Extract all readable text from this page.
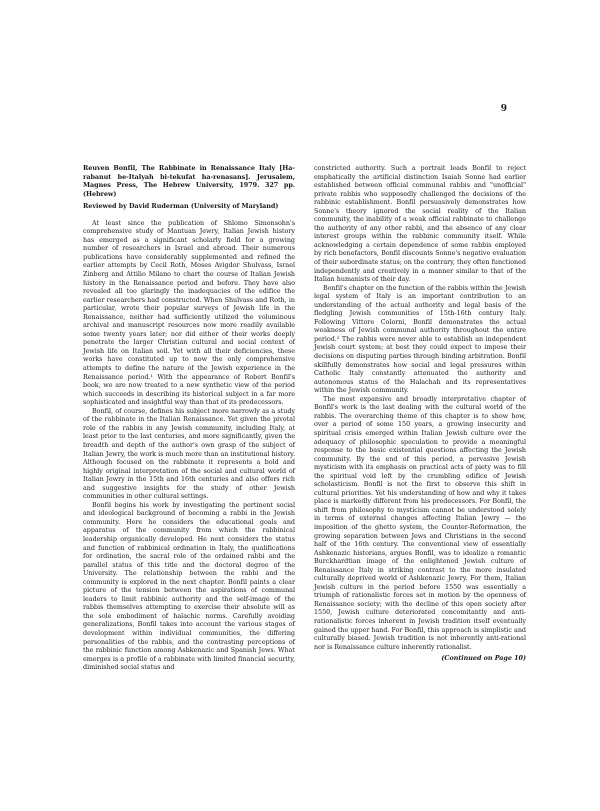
9
Reuven Bonfil, The Rabbinate in Renaissance Italy [Ha-rabanut be-Italyah bi-tekufat ha-renasans]. Jerusalem, Magnes Press, The Hebrew University, 1979. 327 pp. (Hebrew)
Reviewed by David Ruderman (University of Maryland)

At least since the publication of Shlomo Simonsohn's comprehensive study of Mantuan Jewry, Italian Jewish history has emerged as a significant scholarly field for a growing number of researchers in Israel and abroad. Their numerous publications have considerably supplemented and refined the earlier attempts by Cecil Roth, Moses Avigdor Shulvass, Israel Zinberg and Attilio Milano to chart the course of Italian Jewish history in the Renaissance period and before. They have also revealed all too glaringly the inadequacies of the edifice the earlier researchers had constructed. When Shulvass and Roth, in particular, wrote their popular surveys of Jewish life in the Renaissance, neither had sufficiently utilized the voluminous archival and manuscript resources now more readily available some twenty years later; nor did either of their works deeply penetrate the larger Christian cultural and social context of Jewish life on Italian soil. Yet with all their deficiencies, these works have constituted up to now the only comprehensive attempts to define the nature of the Jewish experience in the Renaissance period.¹ With the appearance of Robert Bonfil's book, we are now treated to a new synthetic view of the period which succeeds in describing its historical subject in a far more sophisticated and insightful way than that of its predecessors.

Bonfil, of course, defines his subject more narrowly as a study of the rabbinate in the Italian Renaissance. Yet given the pivotal role of the rabbis in any Jewish community, including Italy, at least prior to the last centuries, and more significantly, given the breadth and depth of the author's own grasp of the subject of Italian Jewry, the work is much more than an institutional history. Although focused on the rabbinate it represents a bold and highly original interpretation of the social and cultural world of Italian Jewry in the 15th and 16th centuries and also offers rich and suggestive insights for the study of other Jewish communities in other cultural settings.

Bonfil begins his work by investigating the pertinent social and ideological background of becoming a rabbi in the Jewish community. Here he considers the educational goals and apparatus of the community from which the rabbinical leadership organically developed. He next considers the status and function of rabbinical ordination in Italy, the qualifications for ordination, the sacral role of the ordained rabbi and the parallel status of this title and the doctoral degree of the University. The relationship between the rabbi and the community is explored in the next chapter. Bonfil paints a clear picture of the tension between the aspirations of communal leaders to limit rabbinic authority and the self-image of the rabbis themselves attempting to exercise their absolute will as the sole embodiment of halachic norms. Carefully avoiding generalizations, Bonfil takes into account the various stages of development within individual communities, the differing personalities of the rabbis, and the contrasting perceptions of the rabbinic function among Ashkenazic and Spanish Jews. What emerges is a profile of a rabbinate with limited financial security, diminished social status and

constricted authority. Such a portrait leads Bonfil to reject emphatically the artificial distinction Isaiah Sonne had earlier established between official communal rabbis and "unofficial" private rabbis who supposedly challenged the decisions of the rabbinic establishment. Bonfil persuasively demonstrates how Sonne's theory ignored the social reality of the Italian community, the inability of a weak official rabbinate to challenge the authority of any other rabbi, and the absence of any clear interest groups within the rabbinic community itself. While acknowledging a certain dependence of some rabbis employed by rich benefactors, Bonfil discounts Sonne's negative evaluation of their subordinate status; on the contrary, they often functioned independently and creatively in a manner similar to that of the Italian humanists of their day.

Bonfil's chapter on the function of the rabbis within the Jewish legal system of Italy is an important contribution to an understanding of the actual authority and legal basis of the fledgling Jewish communities of 15th-16th century Italy. Following Vittore Colorni, Bonfil demonstrates the actual weakness of Jewish communal authority throughout the entire period.² The rabbis were never able to establish an independent Jewish court system; at best they could expect to impose their decisions on disputing parties through binding arbitration. Bonfil skillfully demonstrates how social and legal pressures within Catholic Italy constantly attenuated the authority and autonomous status of the Halachah and its representatives within the Jewish community.

The most expansive and broadly interpretative chapter of Bonfil's work is the last dealing with the cultural world of the rabbis. The overarching theme of this chapter is to show how, over a period of some 150 years, a growing insecurity and spiritual crisis emerged within Italian Jewish culture over the adequacy of philosophic speculation to provide a meaningful response to the basic existential questions affecting the Jewish community. By the end of this period, a pervasive Jewish mysticism with its emphasis on practical acts of piety was to fill the spiritual void left by the crumbling edifice of Jewish scholasticism. Bonfil is not the first to observe this shift in cultural priorities. Yet his understanding of how and why it takes place is markedly different from his predecessors. For Bonfil, the shift from philosophy to mysticism cannot be understood solely in terms of external changes affecting Italian Jewry — the imposition of the ghetto system, the Counter-Reformation, the growing separation between Jews and Christians in the second half of the 16th century. The conventional view of essentially Ashkenazic historians, argues Bonfil, was to idealize a romantic Burckhardtian image of the enlightened Jewish culture of Renaissance Italy in striking contrast to the more insulated culturally deprived world of Ashkenazic Jewry. For them, Italian Jewish culture in the period before 1550 was essentially a triumph of rationalistic forces set in motion by the openness of Renaissance society; with the decline of this open society after 1550, Jewish culture deteriorated concomitantly and anti-rationalistic forces inherent in Jewish tradition itself eventually gained the upper hand. For Bonfil, this approach is simplistic and culturally biased. Jewish tradition is not inherently anti-rational nor is Renaissance culture inherently rationalist.

(Continued on Page 10)
